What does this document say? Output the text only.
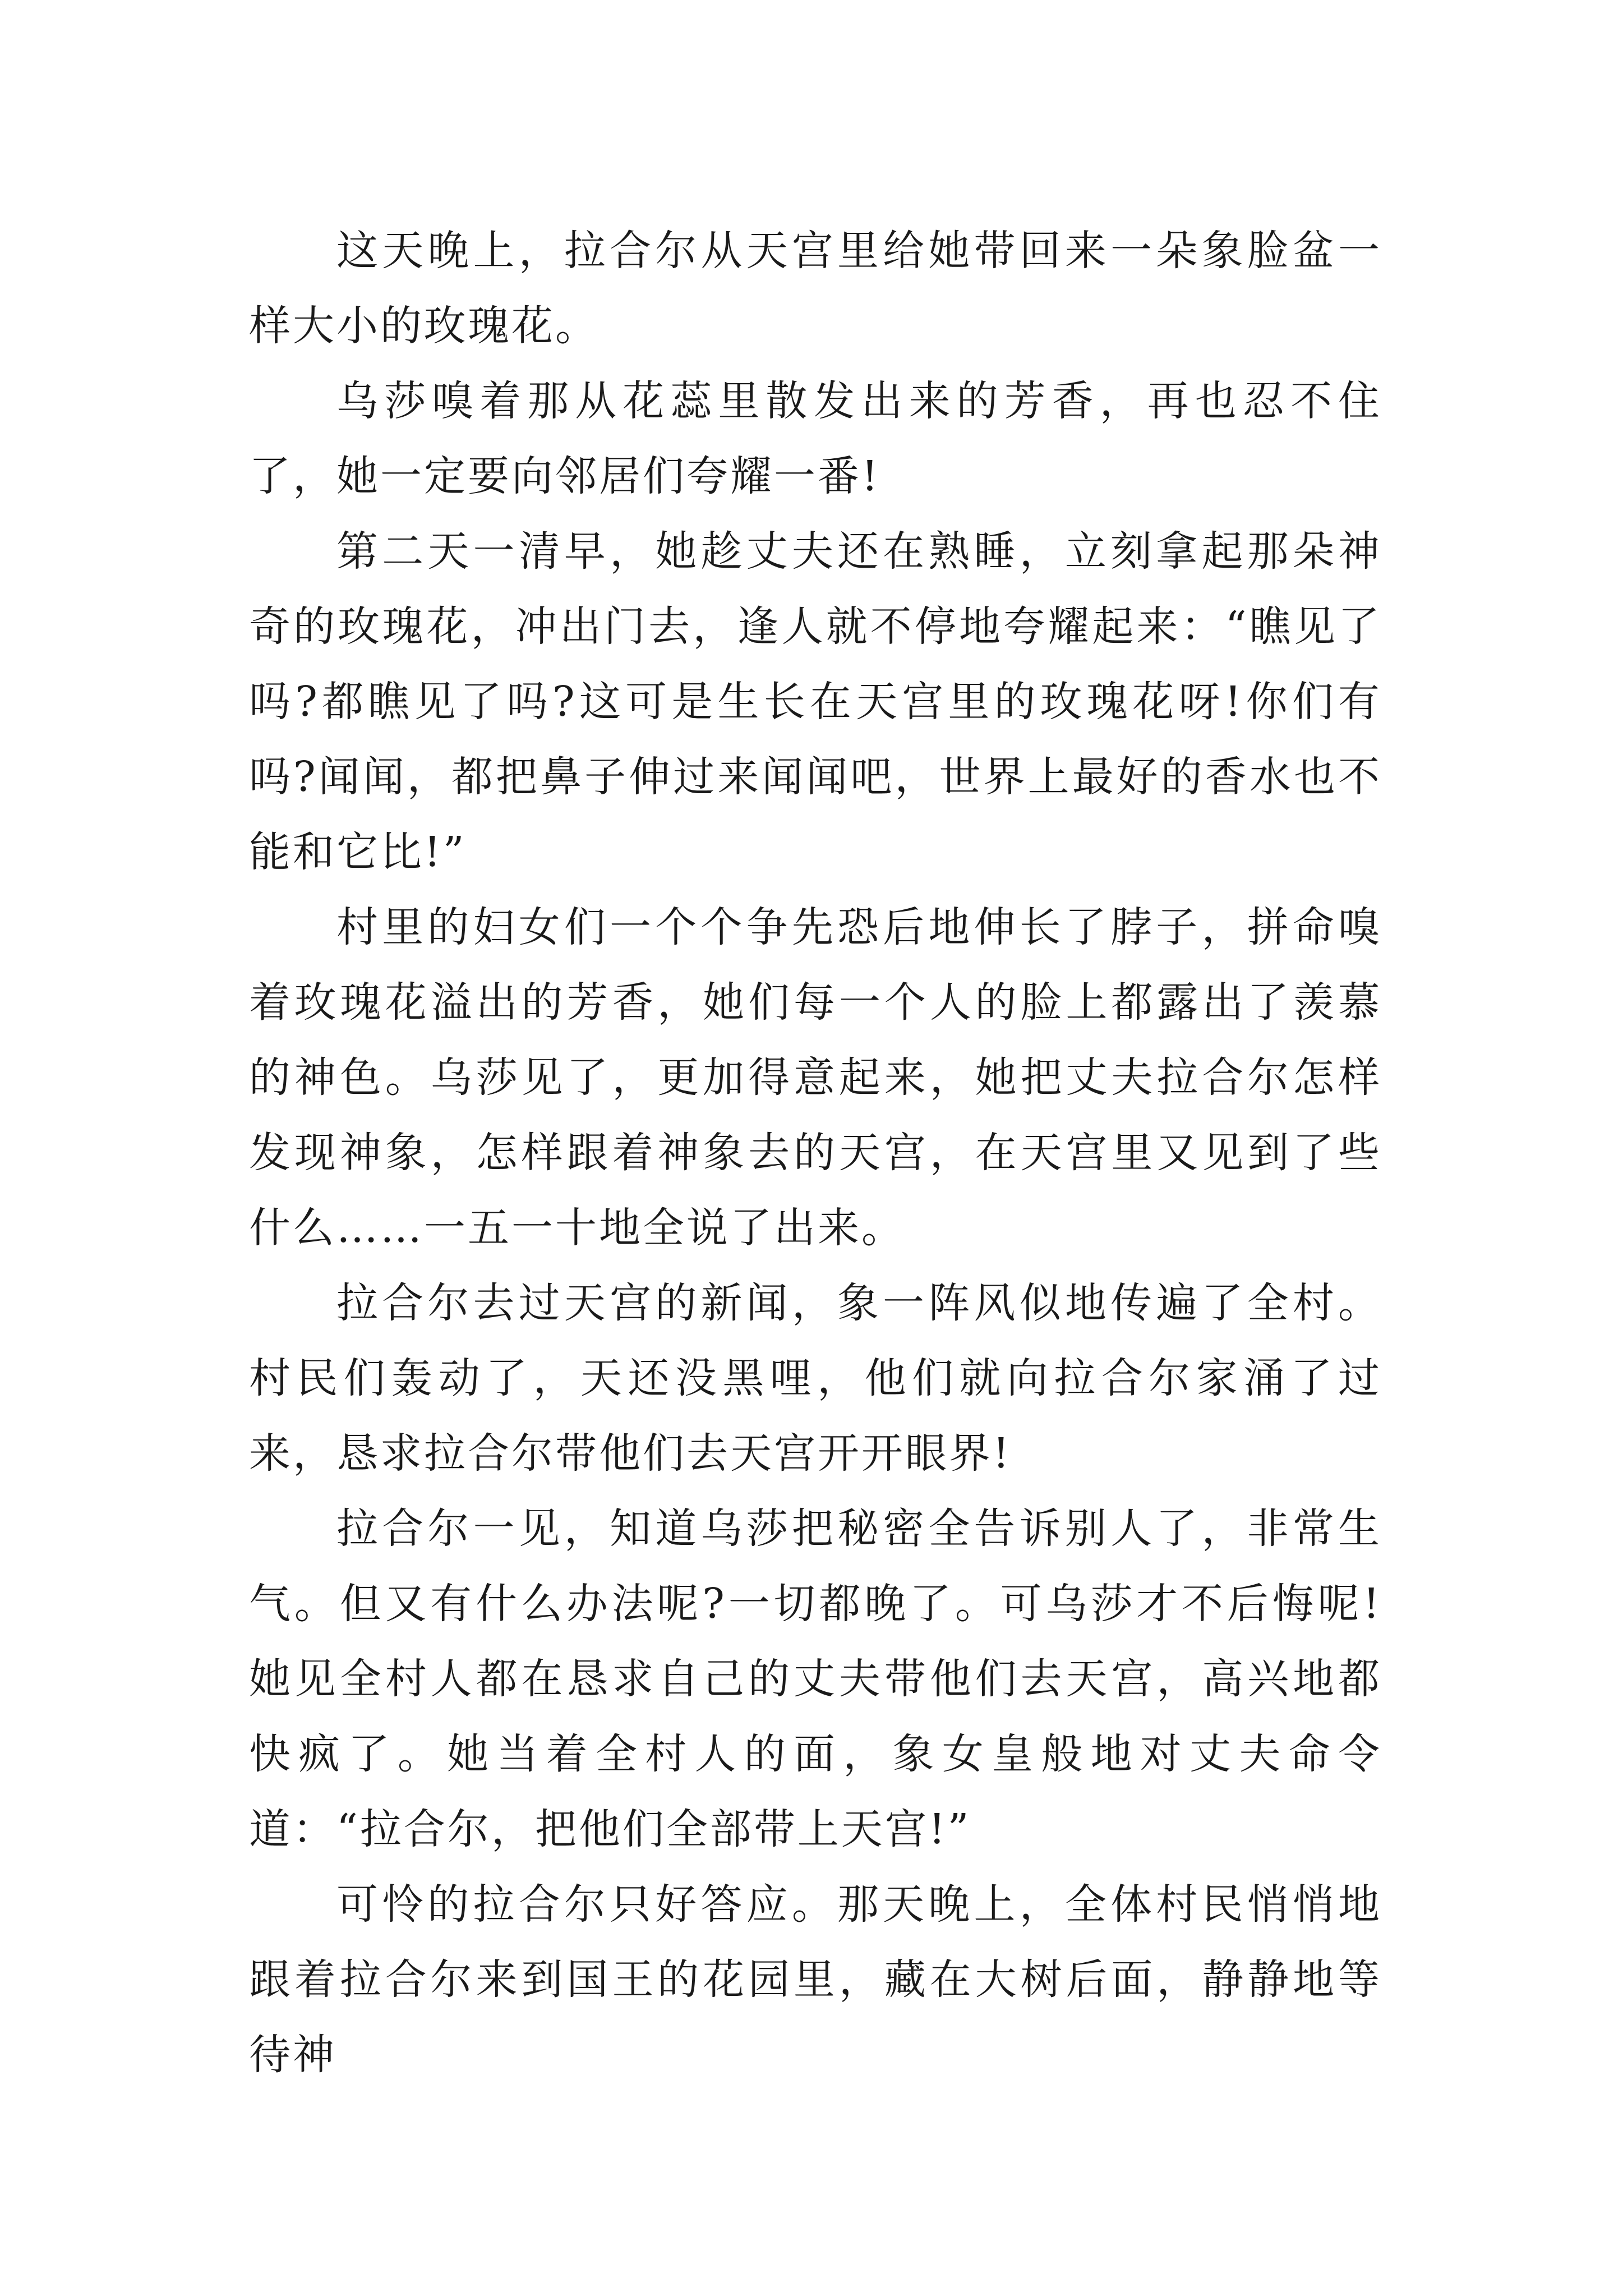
这天晚上，拉合尔从天宫里给她带回来一朵象脸盆一样大小的玫瑰花。

乌莎嗅着那从花蕊里散发出来的芳香，再也忍不住了，她一定要向邻居们夸耀一番!

第二天一清早，她趁丈夫还在熟睡，立刻拿起那朵神奇的玫瑰花，冲出门去，逢人就不停地夸耀起来：“瞧见了吗?都瞧见了吗?这可是生长在天宫里的玫瑰花呀!你们有吗?闻闻，都把鼻子伸过来闻闻吧，世界上最好的香水也不能和它比!”

村里的妇女们一个个争先恐后地伸长了脖子，拼命嗅着玫瑰花溢出的芳香，她们每一个人的脸上都露出了羡慕的神色。乌莎见了，更加得意起来，她把丈夫拉合尔怎样发现神象，怎样跟着神象去的天宫，在天宫里又见到了些什么……一五一十地全说了出来。

拉合尔去过天宫的新闻，象一阵风似地传遍了全村。村民们轰动了，天还没黑哩，他们就向拉合尔家涌了过来，恳求拉合尔带他们去天宫开开眼界!

拉合尔一见，知道乌莎把秘密全告诉别人了，非常生气。但又有什么办法呢?一切都晚了。可乌莎才不后悔呢!她见全村人都在恳求自己的丈夫带他们去天宫，高兴地都快疯了。她当着全村人的面，象女皇般地对丈夫命令道：“拉合尔，把他们全部带上天宫!”

可怜的拉合尔只好答应。那天晚上，全体村民悄悄地跟着拉合尔来到国王的花园里，藏在大树后面，静静地等待神
